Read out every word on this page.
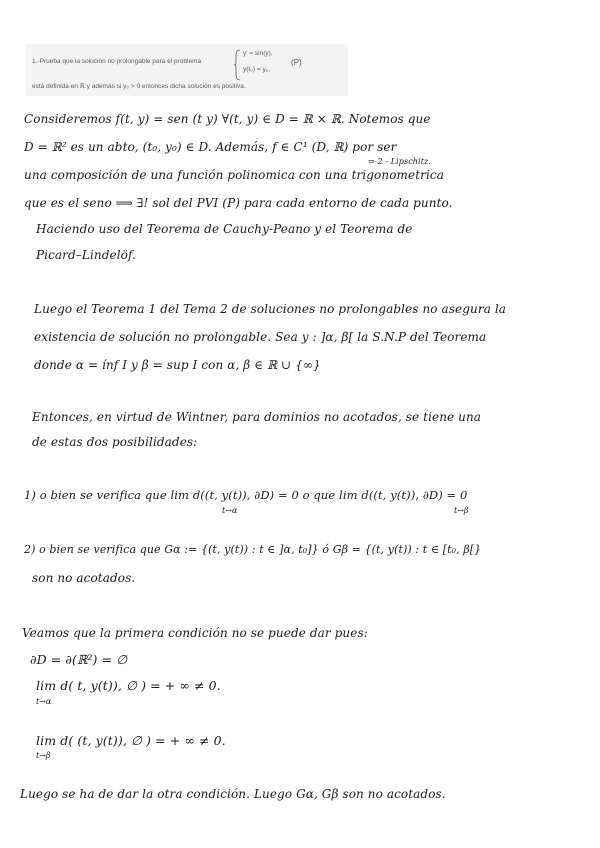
1.-Prueba que la solución no prolongable para el problema
y' = sin(y),
y(t₀) = y₀,
(P)
está definida en ℝ y además si y₀ > 0 entonces dicha solución es positiva.
Consideremos f(t, y) = sen (t y) ∀(t, y) ∈ D = ℝ × ℝ. Notemos que
D = ℝ² es un abto, (t₀, y₀) ∈ D. Además, f ∈ C¹ (D, ℝ) por ser
⇒ 2 - Lipschitz.
una composición de una función polinomica con una trigonometrica
que es el seno ⟹ ∃! sol del PVI (P) para cada entorno de cada punto.
Haciendo uso del Teorema de Cauchy-Peano y el Teorema de
Picard–Lindelöf.
Luego el Teorema 1 del Tema 2 de soluciones no prolongables no asegura la
existencia de solución no prolongable. Sea y : ]α, β[ la S.N.P del Teorema
donde α = ínf I y β = sup I con α, β ∈ ℝ ∪ {∞}
Entonces, en virtud de Wintner, para dominios no acotados, se tiene una
de estas dos posibilidades:
1) o bien se verifica que lim d((t, y(t)), ∂D) = 0 o que lim d((t, y(t)), ∂D) = 0
t→α	t→β
2) o bien se verifica que Gα := {(t, y(t)) : t ∈ ]α, t₀]} ó Gβ = {(t, y(t)) : t ∈ [t₀, β[}
son no acotados.
Veamos que la primera condición no se puede dar pues:
∂D = ∂(ℝ²) = ∅
lim d( t, y(t)), ∅ ) = + ∞ ≠ 0.
t→α
lim d( (t, y(t)), ∅ ) = + ∞ ≠ 0.
t→β
Luego se ha de dar la otra condición. Luego Gα, Gβ son no acotados.
